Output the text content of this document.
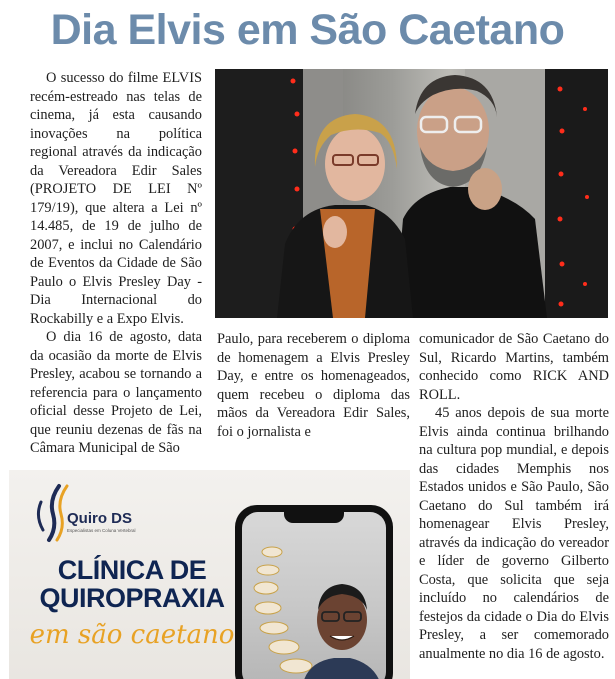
Dia Elvis em São Caetano

O sucesso do filme ELVIS recém-estreado nas telas de cinema, já esta causando inovações na política regional através da indicação da Vereadora Edir Sales (PROJETO DE LEI Nº 179/19), que altera a Lei nº 14.485, de 19 de julho de 2007, e inclui no Calendário de Eventos da Cidade de São Paulo o Elvis Presley Day - Dia Internacional do Rockabilly e a Expo Elvis.

O dia 16 de agosto, data da ocasião da morte de Elvis Presley, acabou se tornando a referencia para o lançamento oficial desse Projeto de Lei, que reuniu dezenas de fãs na Câmara Municipal de São

Paulo, para receberem o diploma de homenagem a Elvis Presley Day, e entre os homenageados, quem recebeu o diploma das mãos da Vereadora Edir Sales, foi o jornalista e

comunicador de São Caetano do Sul, Ricardo Martins, também conhecido como RICK AND ROLL.

45 anos depois de sua morte Elvis ainda continua brilhando na cultura pop mundial, e depois das cidades Memphis nos Estados unidos e São Paulo, São Caetano do Sul também irá homenagear Elvis Presley, através da indicação do vereador e líder de governo Gilberto Costa, que solicita que seja incluído no calendários de festejos da cidade o Dia do Elvis Presley, a ser comemorado anualmente no dia 16 de agosto.

Quiro DS
Especialistas em Coluna Vertebral
CLÍNICA DE
QUIROPRAXIA
em são caetano
